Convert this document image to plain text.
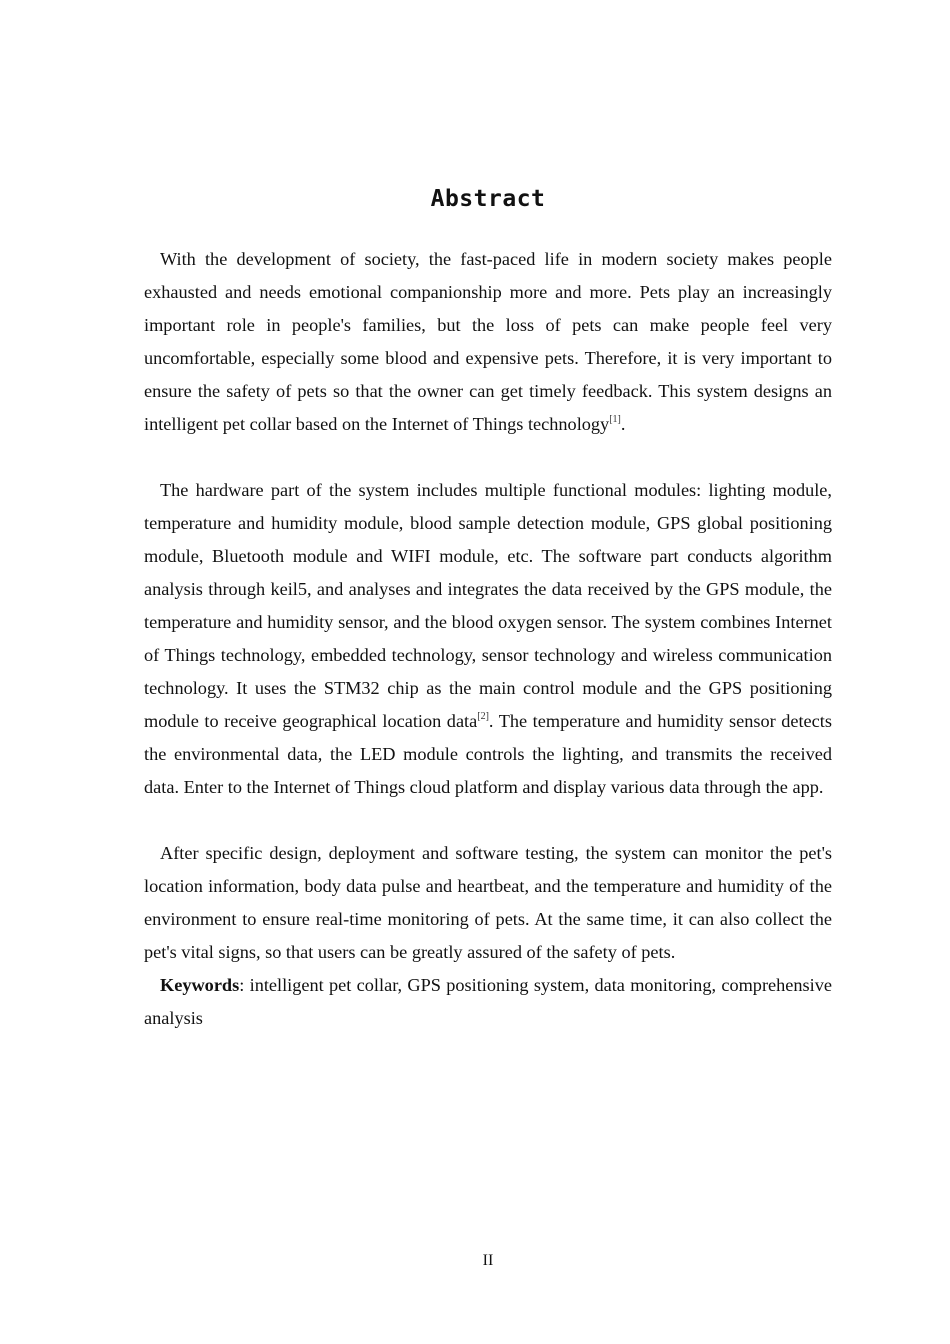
Abstract

With the development of society, the fast-paced life in modern society makes people exhausted and needs emotional companionship more and more. Pets play an increasingly important role in people's families, but the loss of pets can make people feel very uncomfortable, especially some blood and expensive pets. Therefore, it is very important to ensure the safety of pets so that the owner can get timely feedback. This system designs an intelligent pet collar based on the Internet of Things technology[1].

The hardware part of the system includes multiple functional modules: lighting module, temperature and humidity module, blood sample detection module, GPS global positioning module, Bluetooth module and WIFI module, etc. The software part conducts algorithm analysis through keil5, and analyses and integrates the data received by the GPS module, the temperature and humidity sensor, and the blood oxygen sensor. The system combines Internet of Things technology, embedded technology, sensor technology and wireless communication technology. It uses the STM32 chip as the main control module and the GPS positioning module to receive geographical location data[2]. The temperature and humidity sensor detects the environmental data, the LED module controls the lighting, and transmits the received data. Enter to the Internet of Things cloud platform and display various data through the app.

After specific design, deployment and software testing, the system can monitor the pet's location information, body data pulse and heartbeat, and the temperature and humidity of the environment to ensure real-time monitoring of pets. At the same time, it can also collect the pet's vital signs, so that users can be greatly assured of the safety of pets.

Keywords: intelligent pet collar, GPS positioning system, data monitoring, comprehensive analysis

II
